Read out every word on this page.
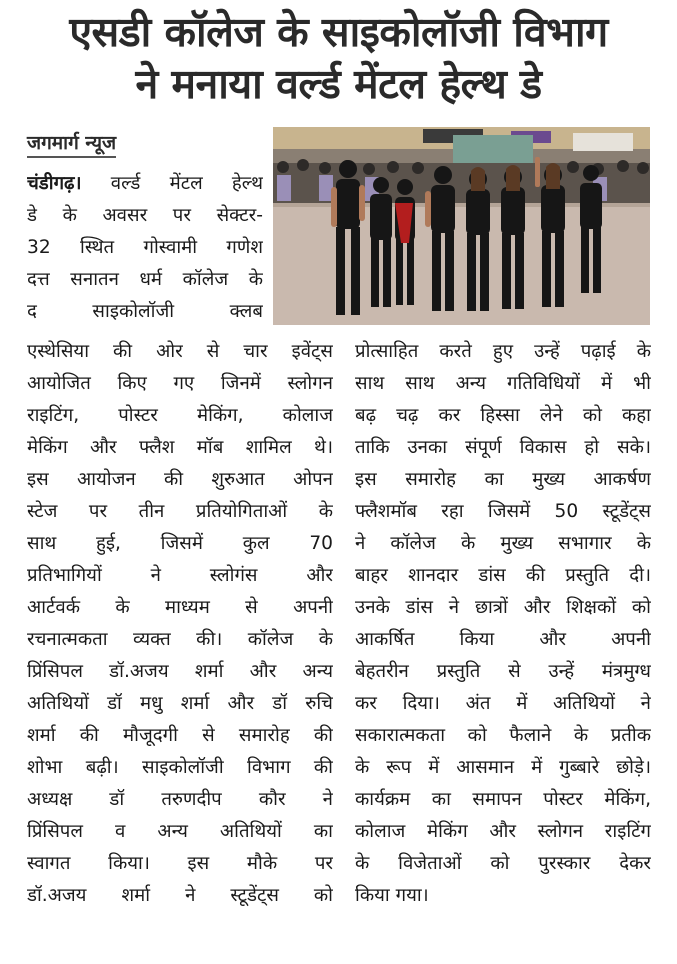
एसडी कॉलेज के साइकोलॉजी विभाग
ने मनाया वर्ल्ड मेंटल हेल्थ डे
जगमार्ग न्यूज
चंडीगढ़। वर्ल्ड मेंटल हेल्थ
डे के अवसर पर सेक्टर-
32 स्थित गोस्वामी गणेश
दत्त सनातन धर्म कॉलेज के
द साइकोलॉजी क्लब
एस्थेसिया की ओर से चार इवेंट्स
आयोजित किए गए जिनमें स्लोगन
राइटिंग, पोस्टर मेकिंग, कोलाज
मेकिंग और फ्लैश मॉब शामिल थे।
इस आयोजन की शुरुआत ओपन
स्टेज पर तीन प्रतियोगिताओं के
साथ हुई, जिसमें कुल 70
प्रतिभागियों ने स्लोगंस और
आर्टवर्क के माध्यम से अपनी
रचनात्मकता व्यक्त की। कॉलेज के
प्रिंसिपल डॉ.अजय शर्मा और अन्य
अतिथियों डॉ मधु शर्मा और डॉ रुचि
शर्मा की मौजूदगी से समारोह की
शोभा बढ़ी। साइकोलॉजी विभाग की
अध्यक्ष डॉ तरुणदीप कौर ने
प्रिंसिपल व अन्य अतिथियों का
स्वागत किया। इस मौके पर
डॉ.अजय शर्मा ने स्टूडेंट्स को
प्रोत्साहित करते हुए उन्हें पढ़ाई के
साथ साथ अन्य गतिविधियों में भी
बढ़ चढ़ कर हिस्सा लेने को कहा
ताकि उनका संपूर्ण विकास हो सके।
इस समारोह का मुख्य आकर्षण
फ्लैशमॉब रहा जिसमें 50 स्टूडेंट्स
ने कॉलेज के मुख्य सभागार के
बाहर शानदार डांस की प्रस्तुति दी।
उनके डांस ने छात्रों और शिक्षकों को
आकर्षित किया और अपनी
बेहतरीन प्रस्तुति से उन्हें मंत्रमुग्ध
कर दिया। अंत में अतिथियों ने
सकारात्मकता को फैलाने के प्रतीक
के रूप में आसमान में गुब्बारे छोड़े।
कार्यक्रम का समापन पोस्टर मेकिंग,
कोलाज मेकिंग और स्लोगन राइटिंग
के विजेताओं को पुरस्कार देकर
किया गया।
